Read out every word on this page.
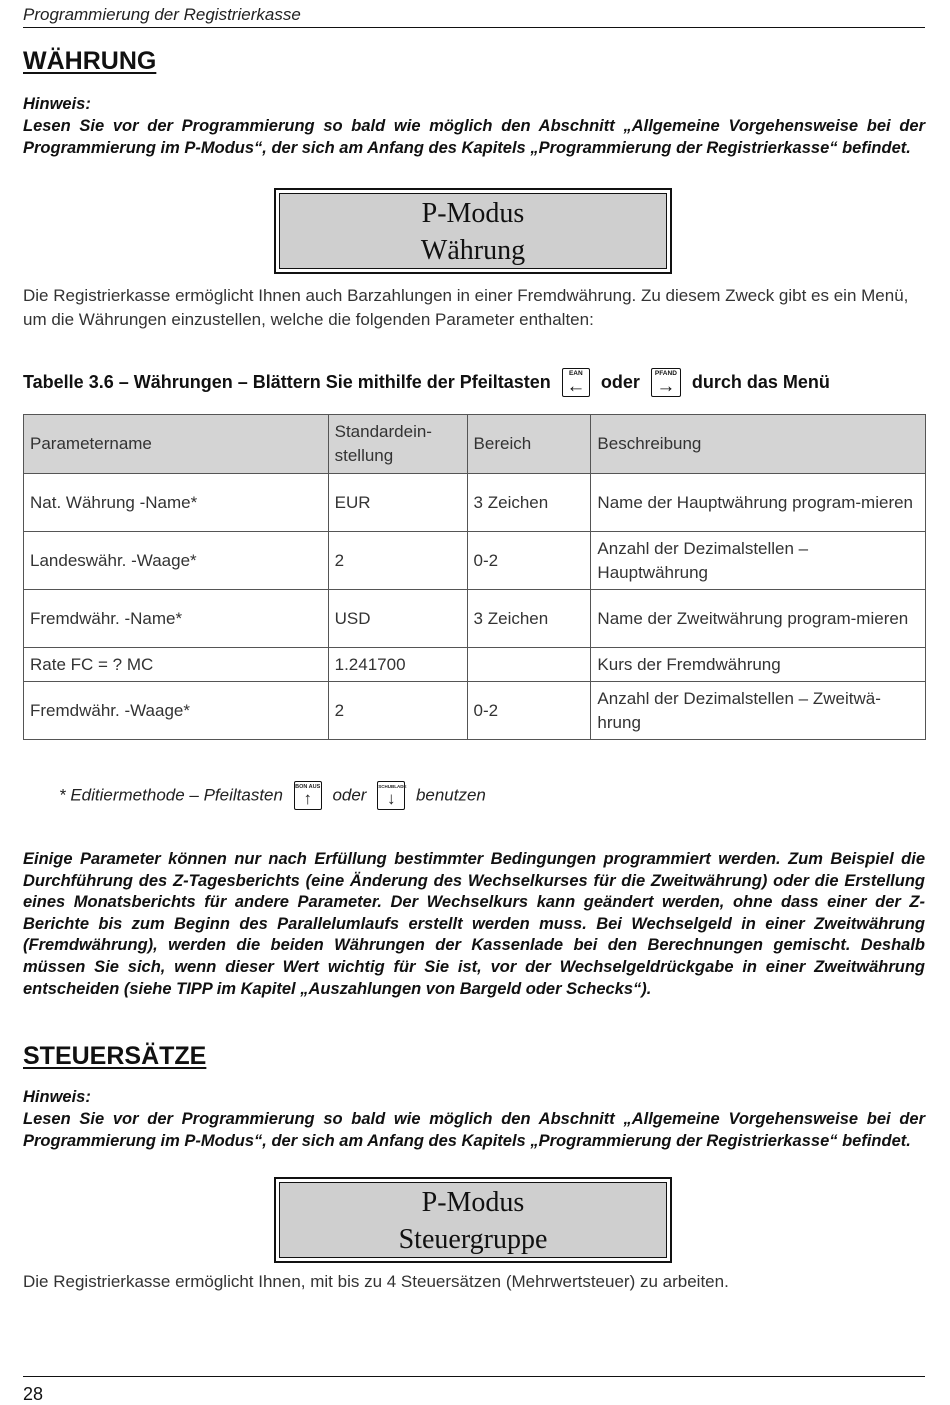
Programmierung der Registrierkasse
WÄHRUNG
Hinweis:
Lesen Sie vor der Programmierung so bald wie möglich den Abschnitt „Allgemeine Vorgehensweise bei der Programmierung im P-Modus“, der sich am Anfang des Kapitels „Programmierung der Registrierkasse“ befindet.
P-Modus
Währung
Die Registrierkasse ermöglicht Ihnen auch Barzahlungen in einer Fremdwährung. Zu diesem Zweck gibt es ein Menü, um die Währungen einzustellen, welche die folgenden Parameter enthalten:
Tabelle 3.6 – Währungen – Blättern Sie mithilfe der Pfeiltasten	EAN
← oder	PFAND
→ durch das Menü
Parametername	Standardein-stellung	Bereich	Beschreibung
Nat. Währung -Name*	EUR	3 Zeichen	Name der Hauptwährung program-mieren
Landeswähr. -Waage*	2	0-2	Anzahl der Dezimalstellen – Hauptwährung
Fremdwähr. -Name*	USD	3 Zeichen	Name der Zweitwährung program-mieren
Rate FC = ? MC	1.241700		Kurs der Fremdwährung
Fremdwähr. -Waage*	2	0-2	Anzahl der Dezimalstellen – Zweitwä-hrung
* Editiermethode – Pfeiltasten BON AUS
↑	oder	SCHUBLADE
↓	benutzen
Einige Parameter können nur nach Erfüllung bestimmter Bedingungen programmiert werden. Zum Beispiel die Durchführung des Z-Tagesberichts (eine Änderung des Wechselkurses für die Zweitwährung) oder die Erstellung eines Monatsberichts für andere Parameter. Der Wechselkurs kann geändert werden, ohne dass einer der Z-Berichte bis zum Beginn des Parallelumlaufs erstellt werden muss. Bei Wechselgeld in einer Zweitwährung (Fremdwährung), werden die beiden Währungen der Kassenlade bei den Berechnungen gemischt. Deshalb müssen Sie sich, wenn dieser Wert wichtig für Sie ist, vor der Wechselgeldrückgabe in einer Zweitwährung entscheiden (siehe TIPP im Kapitel „Auszahlungen von Bargeld oder Schecks“).
STEUERSÄTZE
Hinweis:
Lesen Sie vor der Programmierung so bald wie möglich den Abschnitt „Allgemeine Vorgehensweise bei der Programmierung im P-Modus“, der sich am Anfang des Kapitels „Programmierung der Registrierkasse“ befindet.
P-Modus
Steuergruppe
Die Registrierkasse ermöglicht Ihnen, mit bis zu 4 Steuersätzen (Mehrwertsteuer) zu arbeiten.
28
